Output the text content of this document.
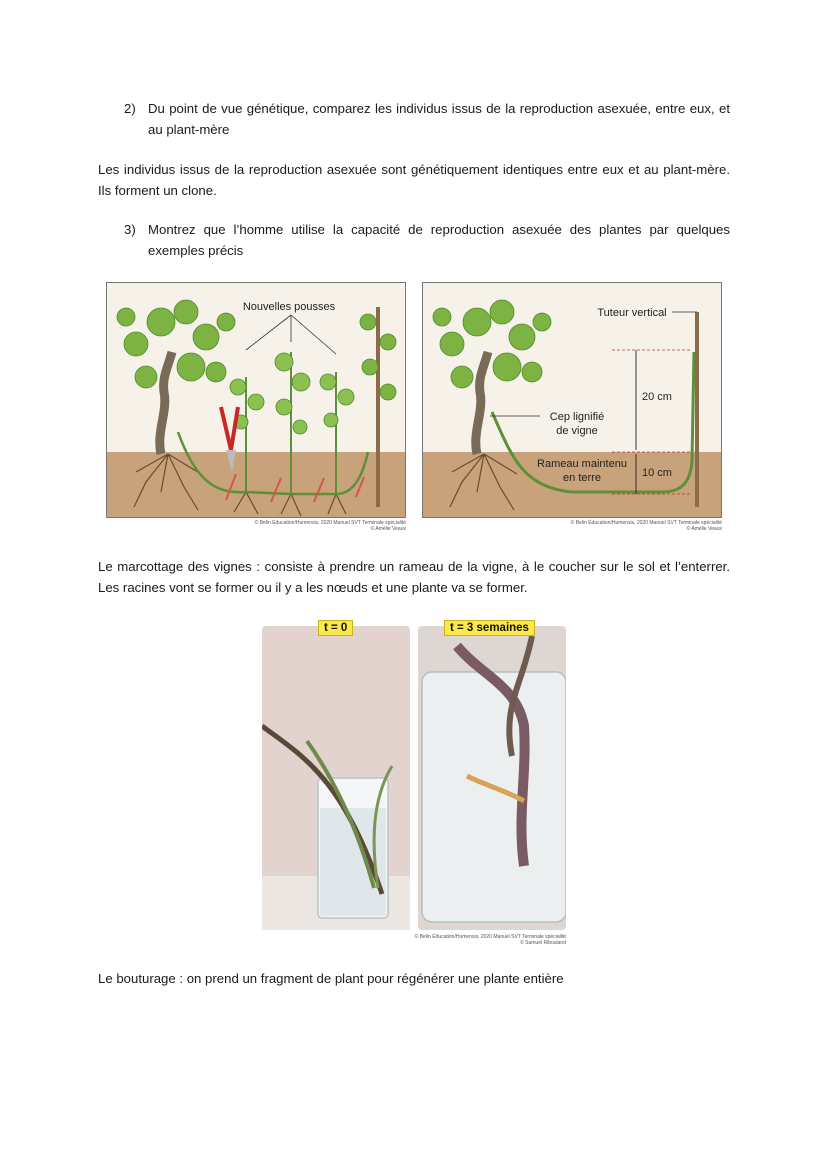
2) Du point de vue génétique, comparez les individus issus de la reproduction asexuée, entre eux, et au plant-mère
Les individus issus de la reproduction asexuée sont génétiquement identiques entre eux et au plant-mère. Ils forment un clone.
3) Montrez que l’homme utilise la capacité de reproduction asexuée des plantes par quelques exemples précis
Nouvelles pousses
© Belin Éducation/Humensis, 2020 Manuel SVT Terminale spécialité
© Amélie Veaux
Tuteur vertical
Cep lignifié
de vigne
Rameau maintenu
en terre
20 cm
10 cm
© Belin Éducation/Humensis, 2020 Manuel SVT Terminale spécialité
© Amélie Veaux
Le marcottage des vignes : consiste à prendre un rameau de la vigne, à le coucher sur le sol et l’enterrer. Les racines vont se former ou il y a les nœuds et une plante va se former.
t = 0	t = 3 semaines
© Belin Éducation/Humensis, 2020 Manuel SVT Terminale spécialité
© Samuel Ribouland
Le bouturage : on prend un fragment de plant pour régénérer une plante entière
